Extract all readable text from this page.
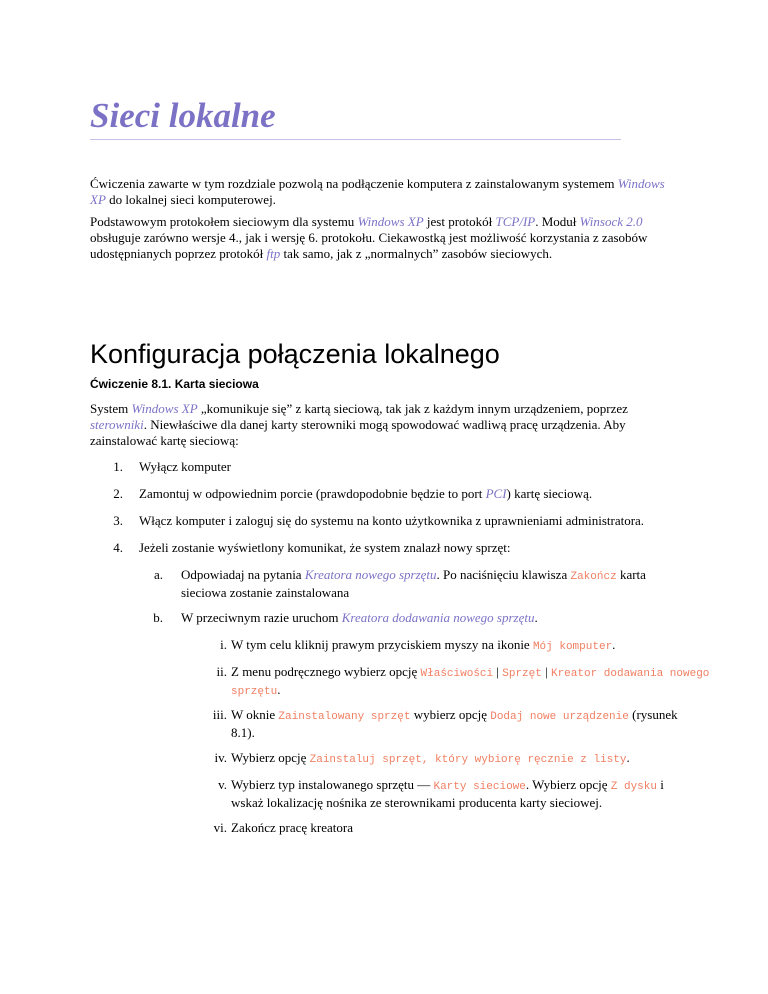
Sieci lokalne

Ćwiczenia zawarte w tym rozdziale pozwolą na podłączenie komputera z zainstalowanym systemem Windows XP do lokalnej sieci komputerowej.

Podstawowym protokołem sieciowym dla systemu Windows XP jest protokół TCP/IP. Moduł Winsock 2.0 obsługuje zarówno wersje 4., jak i wersję 6. protokołu. Ciekawostką jest możliwość korzystania z zasobów udostępnianych poprzez protokół ftp tak samo, jak z „normalnych” zasobów sieciowych.

Konfiguracja połączenia lokalnego
Ćwiczenie 8.1. Karta sieciowa

System Windows XP „komunikuje się” z kartą sieciową, tak jak z każdym innym urządzeniem, poprzez sterowniki. Niewłaściwe dla danej karty sterowniki mogą spowodować wadliwą pracę urządzenia. Aby zainstalować kartę sieciową:

1. Wyłącz komputer
2. Zamontuj w odpowiednim porcie (prawdopodobnie będzie to port PCI) kartę sieciową.
3. Włącz komputer i zaloguj się do systemu na konto użytkownika z uprawnieniami administratora.
4. Jeżeli zostanie wyświetlony komunikat, że system znalazł nowy sprzęt:
a. Odpowiadaj na pytania Kreatora nowego sprzętu. Po naciśnięciu klawisza Zakończ karta sieciowa zostanie zainstalowana
b. W przeciwnym razie uruchom Kreatora dodawania nowego sprzętu.
i. W tym celu kliknij prawym przyciskiem myszy na ikonie Mój komputer.
ii. Z menu podręcznego wybierz opcję Właściwości | Sprzęt | Kreator dodawania nowego sprzętu.
iii. W oknie Zainstalowany sprzęt wybierz opcję Dodaj nowe urządzenie (rysunek 8.1).
iv. Wybierz opcję Zainstaluj sprzęt, który wybiorę ręcznie z listy.
v. Wybierz typ instalowanego sprzętu — Karty sieciowe. Wybierz opcję Z dysku i wskaż lokalizację nośnika ze sterownikami producenta karty sieciowej.
vi. Zakończ pracę kreatora
